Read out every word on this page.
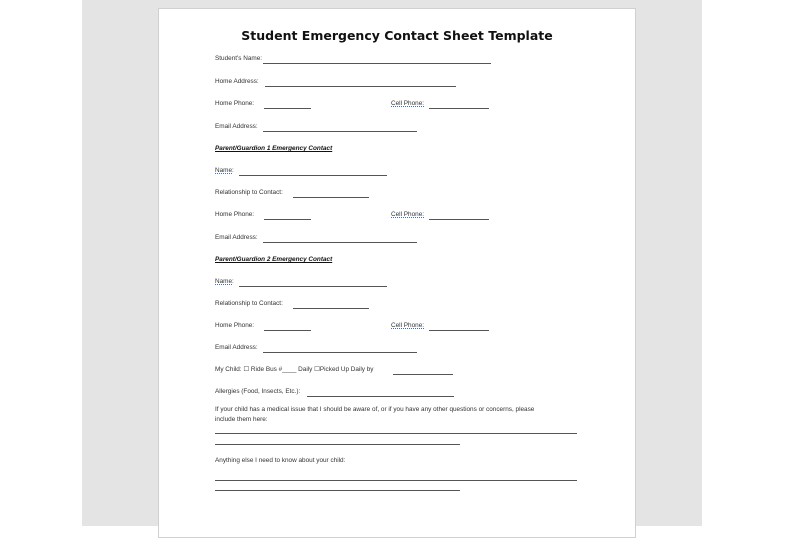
Student Emergency Contact Sheet Template
Student's Name:
Home Address:
Home Phone:	Cell Phone:
Email Address:
Parent/Guardion 1 Emergency Contact
Name:
Relationship to Contact:
Home Phone:	Cell Phone:
Email Address:
Parent/Guardion 2 Emergency Contact
Name:
Relationship to Contact:
Home Phone:	Cell Phone:
Email Address:
My Child: ☐ Ride Bus #____ Daily ☐Picked Up Daily by
Allergies (Food, Insects, Etc.):
If your child has a medical issue that I should be aware of, or if you have any other questions or concerns, please
include them here:
Anything else I need to know about your child:
